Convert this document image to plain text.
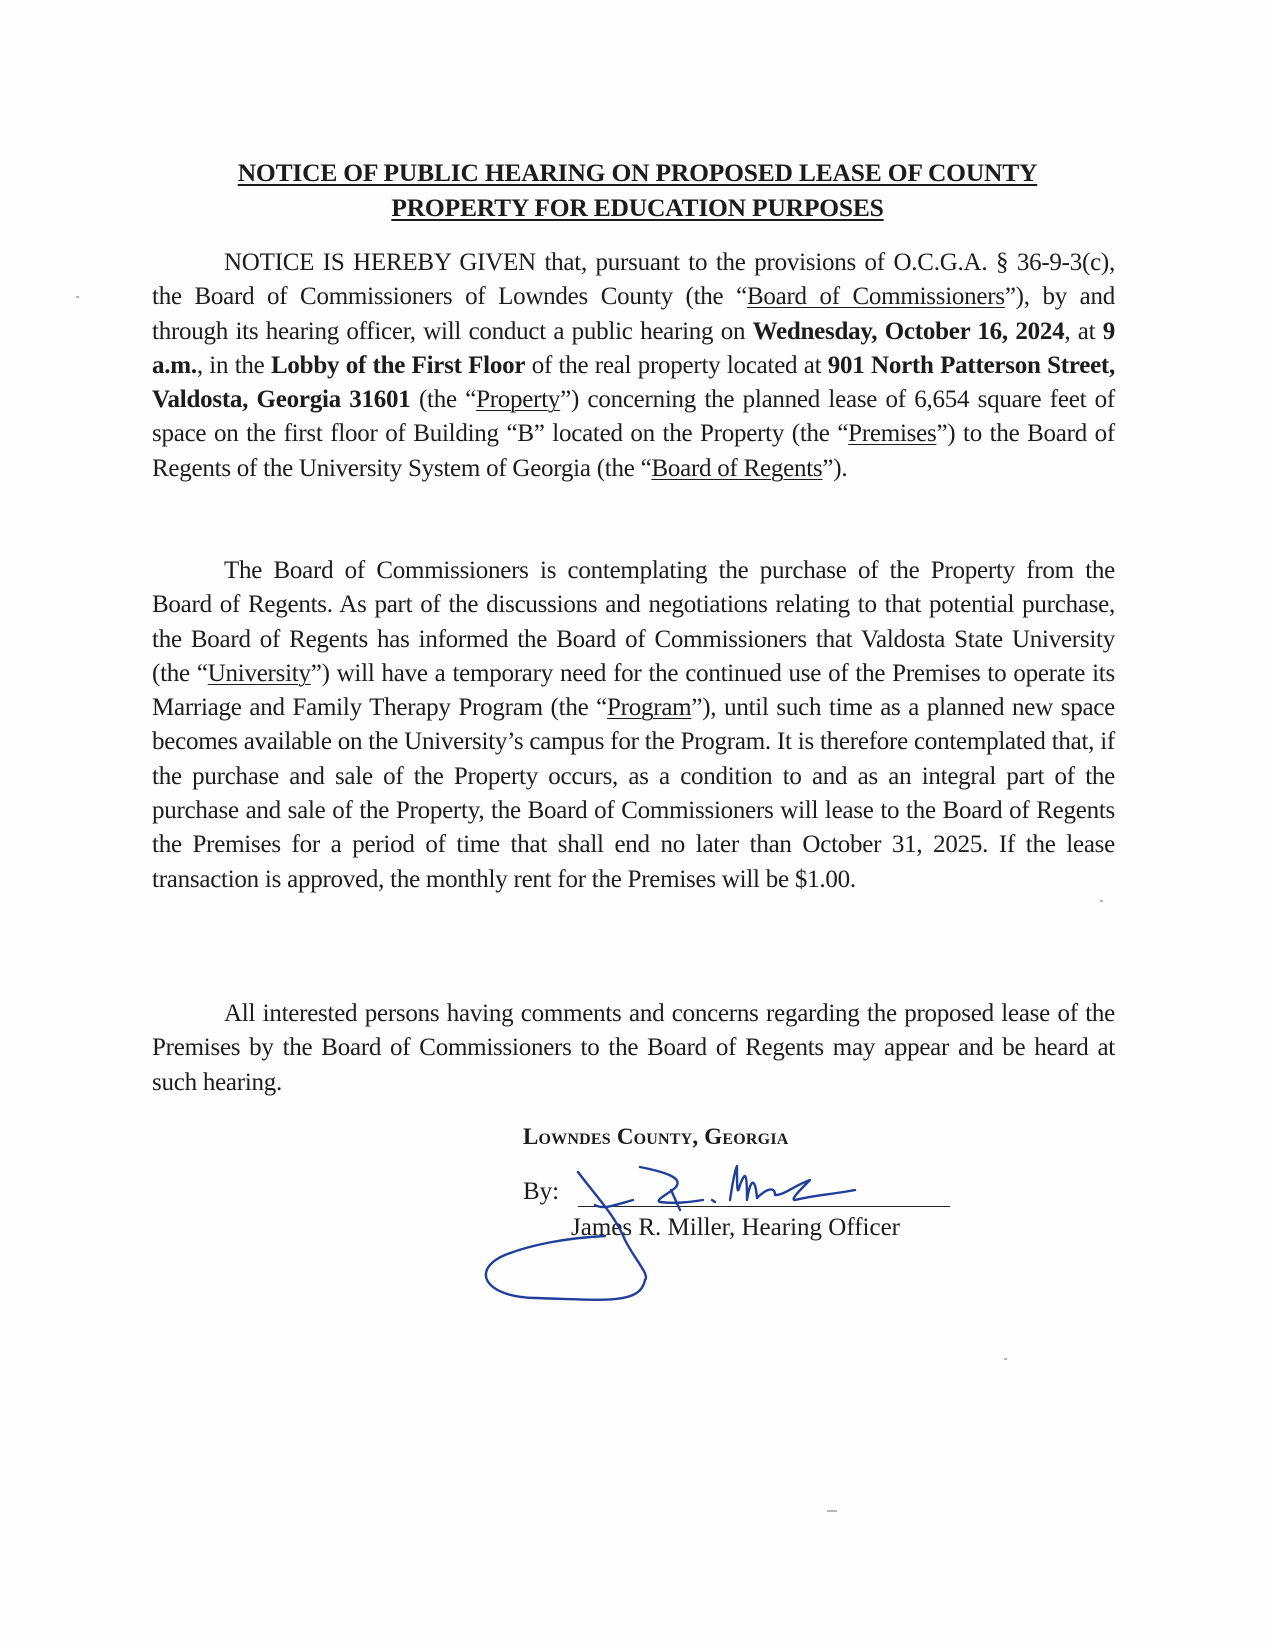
NOTICE OF PUBLIC HEARING ON PROPOSED LEASE OF COUNTY
PROPERTY FOR EDUCATION PURPOSES
NOTICE IS HEREBY GIVEN that, pursuant to the provisions of O.C.G.A. § 36-9-3(c), the Board of Commissioners of Lowndes County (the “Board of Commissioners”), by and through its hearing officer, will conduct a public hearing on Wednesday, October 16, 2024, at 9 a.m., in the Lobby of the First Floor of the real property located at 901 North Patterson Street, Valdosta, Georgia 31601 (the “Property”) concerning the planned lease of 6,654 square feet of space on the first floor of Building “B” located on the Property (the “Premises”) to the Board of Regents of the University System of Georgia (the “Board of Regents”).
The Board of Commissioners is contemplating the purchase of the Property from the Board of Regents. As part of the discussions and negotiations relating to that potential purchase, the Board of Regents has informed the Board of Commissioners that Valdosta State University (the “University”) will have a temporary need for the continued use of the Premises to operate its Marriage and Family Therapy Program (the “Program”), until such time as a planned new space becomes available on the University’s campus for the Program. It is therefore contemplated that, if the purchase and sale of the Property occurs, as a condition to and as an integral part of the purchase and sale of the Property, the Board of Commissioners will lease to the Board of Regents the Premises for a period of time that shall end no later than October 31, 2025. If the lease transaction is approved, the monthly rent for the Premises will be $1.00.
All interested persons having comments and concerns regarding the proposed lease of the Premises by the Board of Commissioners to the Board of Regents may appear and be heard at such hearing.
Lowndes County, Georgia
By:
James R. Miller, Hearing Officer
